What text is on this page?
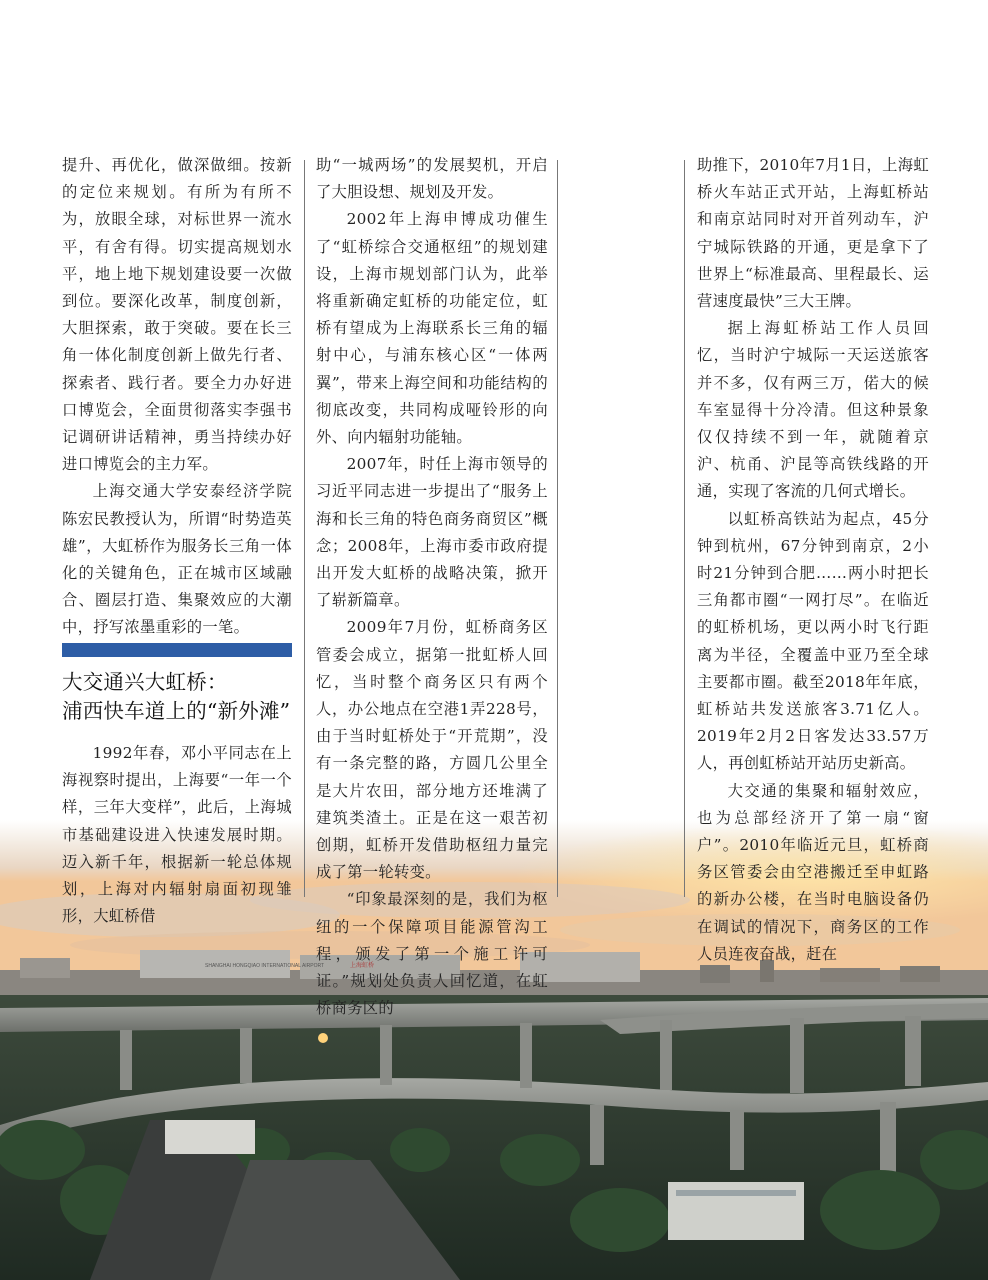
SHANGHAI HONGQIAO INTERNATIONAL AIRPORT	上海虹桥

提升、再优化，做深做细。按新的定位来规划。有所为有所不为，放眼全球，对标世界一流水平，有舍有得。切实提高规划水平，地上地下规划建设要一次做到位。要深化改革，制度创新，大胆探索，敢于突破。要在长三角一体化制度创新上做先行者、探索者、践行者。要全力办好进口博览会，全面贯彻落实李强书记调研讲话精神，勇当持续办好进口博览会的主力军。

上海交通大学安泰经济学院陈宏民教授认为，所谓“时势造英雄”，大虹桥作为服务长三角一体化的关键角色，正在城市区域融合、圈层打造、集聚效应的大潮中，抒写浓墨重彩的一笔。

大交通兴大虹桥：
浦西快车道上的“新外滩”

1992年春，邓小平同志在上海视察时提出，上海要“一年一个样，三年大变样”，此后，上海城市基础建设进入快速发展时期。迈入新千年，根据新一轮总体规划，上海对内辐射扇面初现雏形，大虹桥借

助“一城两场”的发展契机，开启了大胆设想、规划及开发。

2002年上海申博成功催生了“虹桥综合交通枢纽”的规划建设，上海市规划部门认为，此举将重新确定虹桥的功能定位，虹桥有望成为上海联系长三角的辐射中心，与浦东核心区“一体两翼”，带来上海空间和功能结构的彻底改变，共同构成哑铃形的向外、向内辐射功能轴。

2007年，时任上海市领导的习近平同志进一步提出了“服务上海和长三角的特色商务商贸区”概念；2008年，上海市委市政府提出开发大虹桥的战略决策，掀开了崭新篇章。

2009年7月份，虹桥商务区管委会成立，据第一批虹桥人回忆，当时整个商务区只有两个人，办公地点在空港1弄228号，由于当时虹桥处于“开荒期”，没有一条完整的路，方圆几公里全是大片农田，部分地方还堆满了建筑类渣土。正是在这一艰苦初创期，虹桥开发借助枢纽力量完成了第一轮转变。

“印象最深刻的是，我们为枢纽的一个保障项目能源管沟工程，颁发了第一个施工许可证。”规划处负责人回忆道，在虹桥商务区的

助推下，2010年7月1日，上海虹桥火车站正式开站，上海虹桥站和南京站同时对开首列动车，沪宁城际铁路的开通，更是拿下了世界上“标准最高、里程最长、运营速度最快”三大王牌。

据上海虹桥站工作人员回忆，当时沪宁城际一天运送旅客并不多，仅有两三万，偌大的候车室显得十分冷清。但这种景象仅仅持续不到一年，就随着京沪、杭甬、沪昆等高铁线路的开通，实现了客流的几何式增长。

以虹桥高铁站为起点，45分钟到杭州，67分钟到南京，2小时21分钟到合肥……两小时把长三角都市圈“一网打尽”。在临近的虹桥机场，更以两小时飞行距离为半径，全覆盖中亚乃至全球主要都市圈。截至2018年年底，虹桥站共发送旅客3.71亿人。2019年2月2日客发达33.57万人，再创虹桥站开站历史新高。

大交通的集聚和辐射效应，也为总部经济开了第一扇“窗户”。2010年临近元旦，虹桥商务区管委会由空港搬迁至申虹路的新办公楼，在当时电脑设备仍在调试的情况下，商务区的工作人员连夜奋战，赶在
